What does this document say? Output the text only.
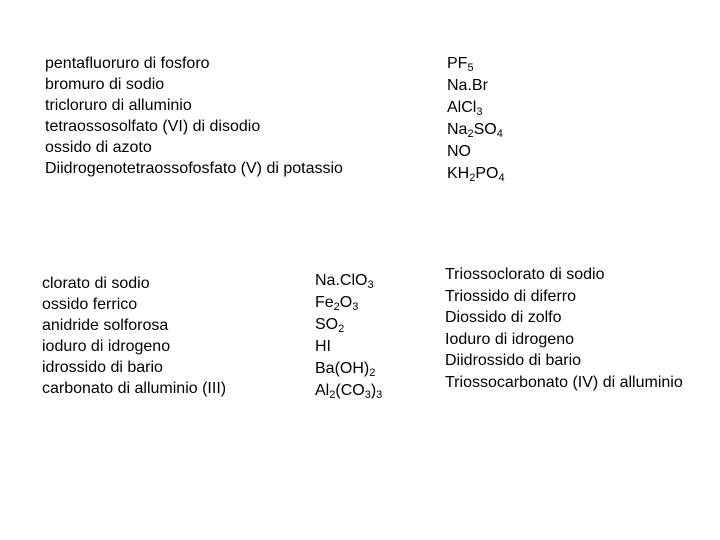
pentafluoruro di fosforo
bromuro di sodio
tricloruro di alluminio
tetraossosolfato (VI) di disodio
ossido di azoto
Diidrogenotetraossofosfato (V) di potassio
$PF_5$
Na.Br
AlCl$_3$
$Na_2SO_4$
NO
$KH_2PO_4$
clorato di sodio
ossido ferrico
anidride solforosa
ioduro di idrogeno
idrossido di bario
carbonato di alluminio (III)
Na.ClO$_3$
$Fe_2O_3$
$SO_2$
HI
$Ba(OH)_2$
$Al_2(CO_3)_3$
Triossoclorato di sodio
Triossido di diferro
Diossido di zolfo
Ioduro di idrogeno
Diidrossido di bario
Triossocarbonato (IV) di alluminio
